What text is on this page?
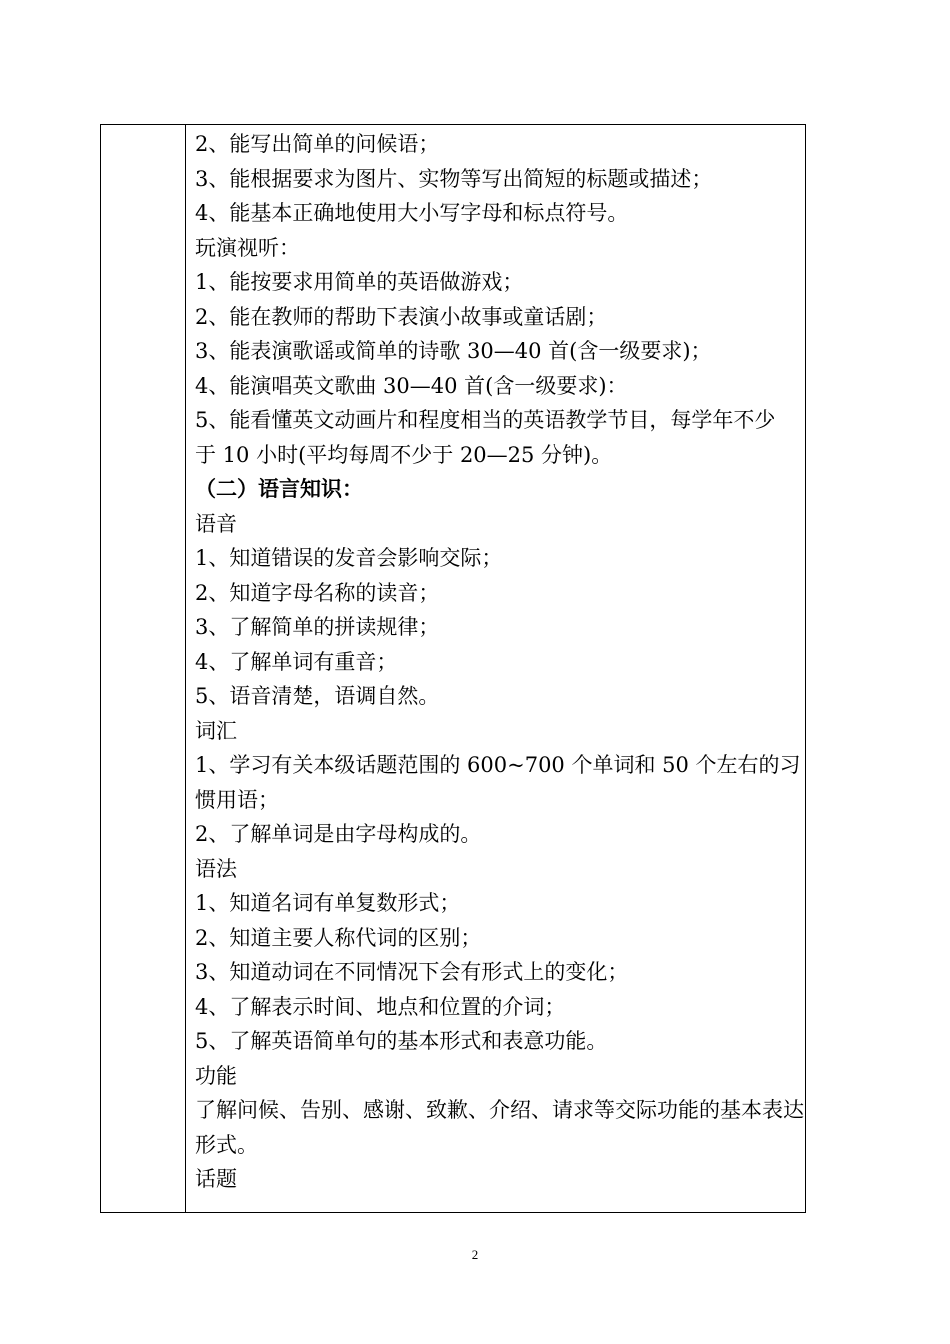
2、能写出简单的问候语；
3、能根据要求为图片、实物等写出简短的标题或描述；
4、能基本正确地使用大小写字母和标点符号。
玩演视听：
1、能按要求用简单的英语做游戏；
2、能在教师的帮助下表演小故事或童话剧；
3、能表演歌谣或简单的诗歌 30—40 首(含一级要求)；
4、能演唱英文歌曲 30—40 首(含一级要求)：
5、能看懂英文动画片和程度相当的英语教学节目，每学年不少
于 10 小时(平均每周不少于 20—25 分钟)。
（二）语言知识：
语音
1、知道错误的发音会影响交际；
2、知道字母名称的读音；
3、了解简单的拼读规律；
4、了解单词有重音；
5、语音清楚，语调自然。
词汇
1、学习有关本级话题范围的 600~700 个单词和 50 个左右的习
惯用语；
2、了解单词是由字母构成的。
语法
1、知道名词有单复数形式；
2、知道主要人称代词的区别；
3、知道动词在不同情况下会有形式上的变化；
4、了解表示时间、地点和位置的介词；
5、了解英语简单句的基本形式和表意功能。
功能
了解问候、告别、感谢、致歉、介绍、请求等交际功能的基本表达
形式。
话题
2
